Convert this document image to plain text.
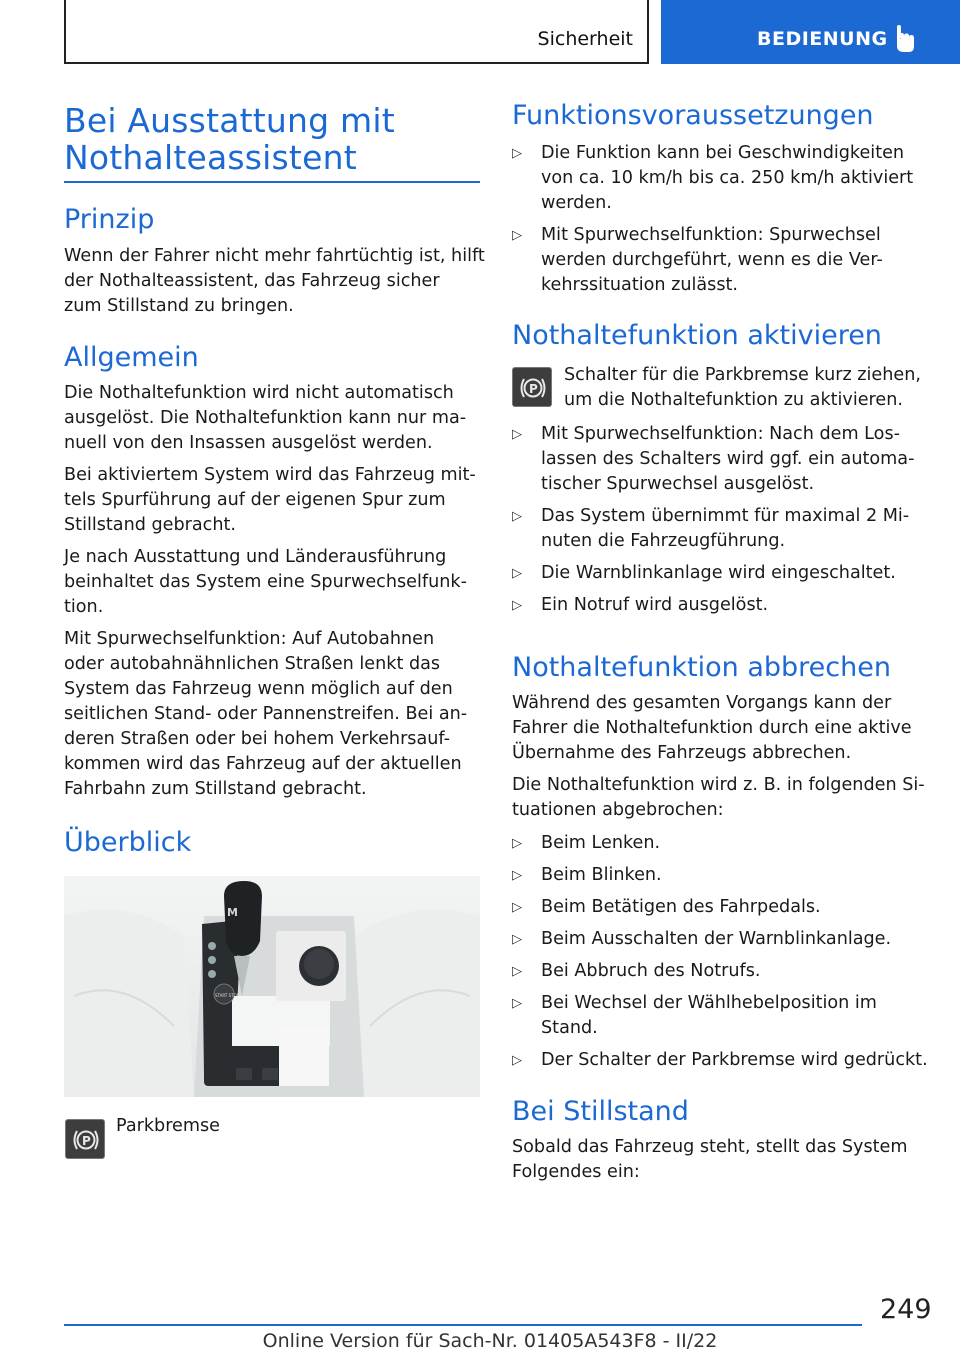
Sicherheit	BEDIENUNG
Bei Ausstattung mit
Nothalteassistent
Prinzip

Wenn der Fahrer nicht mehr fahrtüchtig ist, hilft

der Nothalteassistent, das Fahrzeug sicher

zum Stillstand zu bringen.

Allgemein

Die Nothaltefunktion wird nicht automatisch

ausgelöst. Die Nothaltefunktion kann nur ma-

nuell von den Insassen ausgelöst werden.

Bei aktiviertem System wird das Fahrzeug mit-

tels Spurführung auf der eigenen Spur zum

Stillstand gebracht.

Je nach Ausstattung und Länderausführung

beinhaltet das System eine Spurwechselfunk-

tion.

Mit Spurwechselfunktion: Auf Autobahnen

oder autobahnähnlichen Straßen lenkt das

System das Fahrzeug wenn möglich auf den

seitlichen Stand- oder Pannenstreifen. Bei an-

deren Straßen oder bei hohem Verkehrsauf-

kommen wird das Fahrzeug auf der aktuellen

Fahrbahn zum Stillstand gebracht.

Überblick
M
START STOP
P

Parkbremse

Funktionsvoraussetzungen
▷ Die Funktion kann bei Geschwindigkeiten
von ca. 10 km/h bis ca. 250 km/h aktiviert
werden.
▷ Mit Spurwechselfunktion: Spurwechsel
werden durchgeführt, wenn es die Ver-
kehrssituation zulässt.
Nothaltefunktion aktivieren
P

Schalter für die Parkbremse kurz ziehen,

um die Nothaltefunktion zu aktivieren.

▷ Mit Spurwechselfunktion: Nach dem Los-
lassen des Schalters wird ggf. ein automa-
tischer Spurwechsel ausgelöst.
▷ Das System übernimmt für maximal 2 Mi-
nuten die Fahrzeugführung.
▷ Die Warnblinkanlage wird eingeschaltet.
▷ Ein Notruf wird ausgelöst.
Nothaltefunktion abbrechen

Während des gesamten Vorgangs kann der

Fahrer die Nothaltefunktion durch eine aktive

Übernahme des Fahrzeugs abbrechen.

Die Nothaltefunktion wird z. B. in folgenden Si-

tuationen abgebrochen:

▷ Beim Lenken.
▷ Beim Blinken.
▷ Beim Betätigen des Fahrpedals.
▷ Beim Ausschalten der Warnblinkanlage.
▷ Bei Abbruch des Notrufs.
▷ Bei Wechsel der Wählhebelposition im
Stand.
▷ Der Schalter der Parkbremse wird gedrückt.
Bei Stillstand

Sobald das Fahrzeug steht, stellt das System

Folgendes ein:

249
Online Version für Sach-Nr. 01405A543F8 - II/22
